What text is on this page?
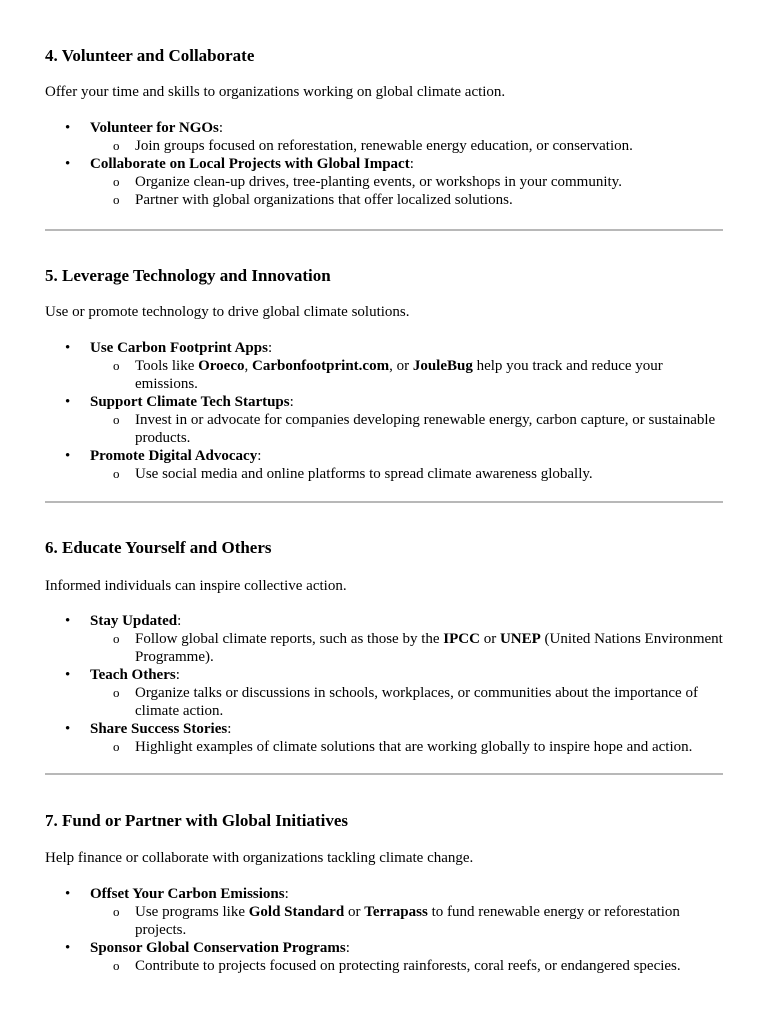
4. Volunteer and Collaborate

Offer your time and skills to organizations working on global climate action.

• Volunteer for NGOs:
o Join groups focused on reforestation, renewable energy education, or conservation.
• Collaborate on Local Projects with Global Impact:
o Organize clean-up drives, tree-planting events, or workshops in your community.
o Partner with global organizations that offer localized solutions.
5. Leverage Technology and Innovation

Use or promote technology to drive global climate solutions.

• Use Carbon Footprint Apps:
o Tools like Oroeco, Carbonfootprint.com, or JouleBug help you track and reduce your emissions.
• Support Climate Tech Startups:
o Invest in or advocate for companies developing renewable energy, carbon capture, or sustainable products.
• Promote Digital Advocacy:
o Use social media and online platforms to spread climate awareness globally.
6. Educate Yourself and Others

Informed individuals can inspire collective action.

• Stay Updated:
o Follow global climate reports, such as those by the IPCC or UNEP (United Nations Environment Programme).
• Teach Others:
o Organize talks or discussions in schools, workplaces, or communities about the importance of climate action.
• Share Success Stories:
o Highlight examples of climate solutions that are working globally to inspire hope and action.
7. Fund or Partner with Global Initiatives

Help finance or collaborate with organizations tackling climate change.

• Offset Your Carbon Emissions:
o Use programs like Gold Standard or Terrapass to fund renewable energy or reforestation projects.
• Sponsor Global Conservation Programs:
o Contribute to projects focused on protecting rainforests, coral reefs, or endangered species.
